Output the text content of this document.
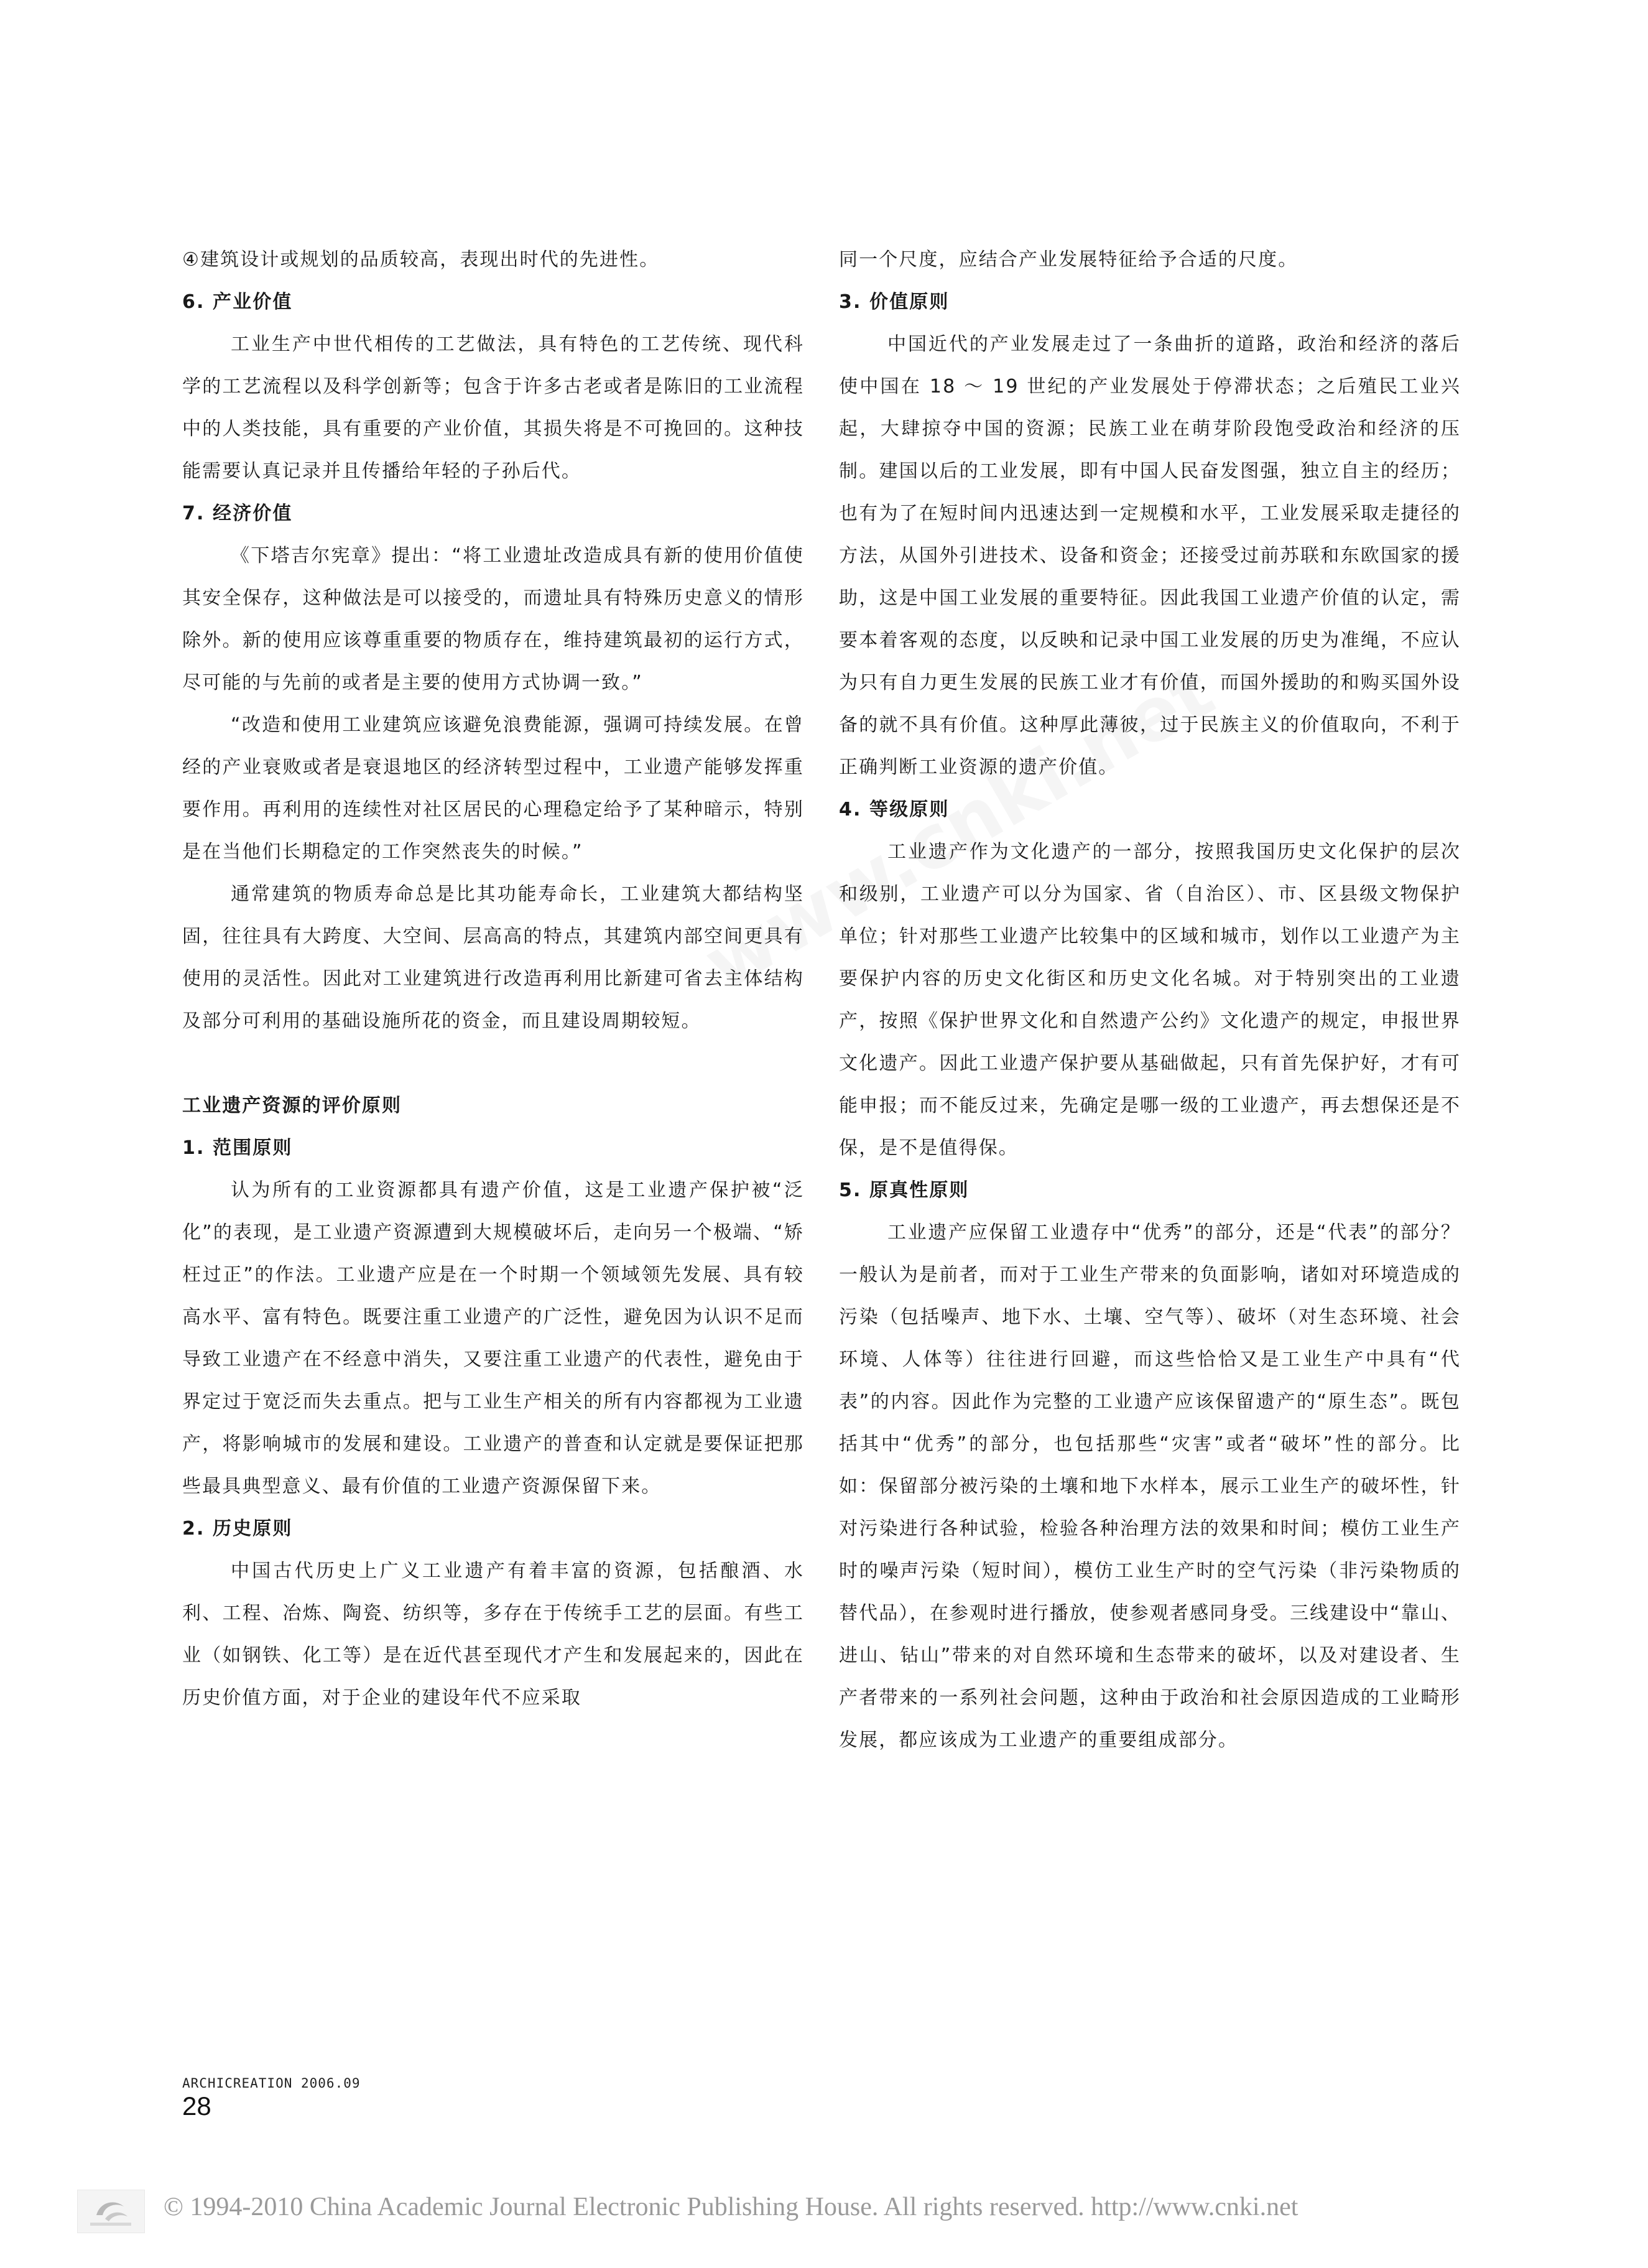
④建筑设计或规划的品质较高，表现出时代的先进性。

6. 产业价值

工业生产中世代相传的工艺做法，具有特色的工艺传统、现代科学的工艺流程以及科学创新等；包含于许多古老或者是陈旧的工业流程中的人类技能，具有重要的产业价值，其损失将是不可挽回的。这种技能需要认真记录并且传播给年轻的子孙后代。

7. 经济价值

《下塔吉尔宪章》提出：“将工业遗址改造成具有新的使用价值使其安全保存，这种做法是可以接受的，而遗址具有特殊历史意义的情形除外。新的使用应该尊重重要的物质存在，维持建筑最初的运行方式，尽可能的与先前的或者是主要的使用方式协调一致。”

“改造和使用工业建筑应该避免浪费能源，强调可持续发展。在曾经的产业衰败或者是衰退地区的经济转型过程中，工业遗产能够发挥重要作用。再利用的连续性对社区居民的心理稳定给予了某种暗示，特别是在当他们长期稳定的工作突然丧失的时候。”

通常建筑的物质寿命总是比其功能寿命长，工业建筑大都结构坚固，往往具有大跨度、大空间、层高高的特点，其建筑内部空间更具有使用的灵活性。因此对工业建筑进行改造再利用比新建可省去主体结构及部分可利用的基础设施所花的资金，而且建设周期较短。

工业遗产资源的评价原则
1. 范围原则

认为所有的工业资源都具有遗产价值，这是工业遗产保护被“泛化”的表现，是工业遗产资源遭到大规模破坏后，走向另一个极端、“矫枉过正”的作法。工业遗产应是在一个时期一个领域领先发展、具有较高水平、富有特色。既要注重工业遗产的广泛性，避免因为认识不足而导致工业遗产在不经意中消失，又要注重工业遗产的代表性，避免由于界定过于宽泛而失去重点。把与工业生产相关的所有内容都视为工业遗产，将影响城市的发展和建设。工业遗产的普查和认定就是要保证把那些最具典型意义、最有价值的工业遗产资源保留下来。

2. 历史原则

中国古代历史上广义工业遗产有着丰富的资源，包括酿酒、水利、工程、冶炼、陶瓷、纺织等，多存在于传统手工艺的层面。有些工业（如钢铁、化工等）是在近代甚至现代才产生和发展起来的，因此在历史价值方面，对于企业的建设年代不应采取

同一个尺度，应结合产业发展特征给予合适的尺度。

3. 价值原则

中国近代的产业发展走过了一条曲折的道路，政治和经济的落后使中国在 18 ～ 19 世纪的产业发展处于停滞状态；之后殖民工业兴起，大肆掠夺中国的资源；民族工业在萌芽阶段饱受政治和经济的压制。建国以后的工业发展，即有中国人民奋发图强，独立自主的经历；也有为了在短时间内迅速达到一定规模和水平，工业发展采取走捷径的方法，从国外引进技术、设备和资金；还接受过前苏联和东欧国家的援助，这是中国工业发展的重要特征。因此我国工业遗产价值的认定，需要本着客观的态度，以反映和记录中国工业发展的历史为准绳，不应认为只有自力更生发展的民族工业才有价值，而国外援助的和购买国外设备的就不具有价值。这种厚此薄彼，过于民族主义的价值取向，不利于正确判断工业资源的遗产价值。

4. 等级原则

工业遗产作为文化遗产的一部分，按照我国历史文化保护的层次和级别，工业遗产可以分为国家、省（自治区）、市、区县级文物保护单位；针对那些工业遗产比较集中的区域和城市，划作以工业遗产为主要保护内容的历史文化街区和历史文化名城。对于特别突出的工业遗产，按照《保护世界文化和自然遗产公约》文化遗产的规定，申报世界文化遗产。因此工业遗产保护要从基础做起，只有首先保护好，才有可能申报；而不能反过来，先确定是哪一级的工业遗产，再去想保还是不保，是不是值得保。

5. 原真性原则

工业遗产应保留工业遗存中“优秀”的部分，还是“代表”的部分？一般认为是前者，而对于工业生产带来的负面影响，诸如对环境造成的污染（包括噪声、地下水、土壤、空气等）、破坏（对生态环境、社会环境、人体等）往往进行回避，而这些恰恰又是工业生产中具有“代表”的内容。因此作为完整的工业遗产应该保留遗产的“原生态”。既包括其中“优秀”的部分，也包括那些“灾害”或者“破坏”性的部分。比如：保留部分被污染的土壤和地下水样本，展示工业生产的破坏性，针对污染进行各种试验，检验各种治理方法的效果和时间；模仿工业生产时的噪声污染（短时间），模仿工业生产时的空气污染（非污染物质的替代品），在参观时进行播放，使参观者感同身受。三线建设中“靠山、进山、钻山”带来的对自然环境和生态带来的破坏，以及对建设者、生产者带来的一系列社会问题，这种由于政治和社会原因造成的工业畸形发展，都应该成为工业遗产的重要组成部分。

ARCHICREATION 2006.09
28
© 1994-2010 China Academic Journal Electronic Publishing House. All rights reserved. http://www.cnki.net
